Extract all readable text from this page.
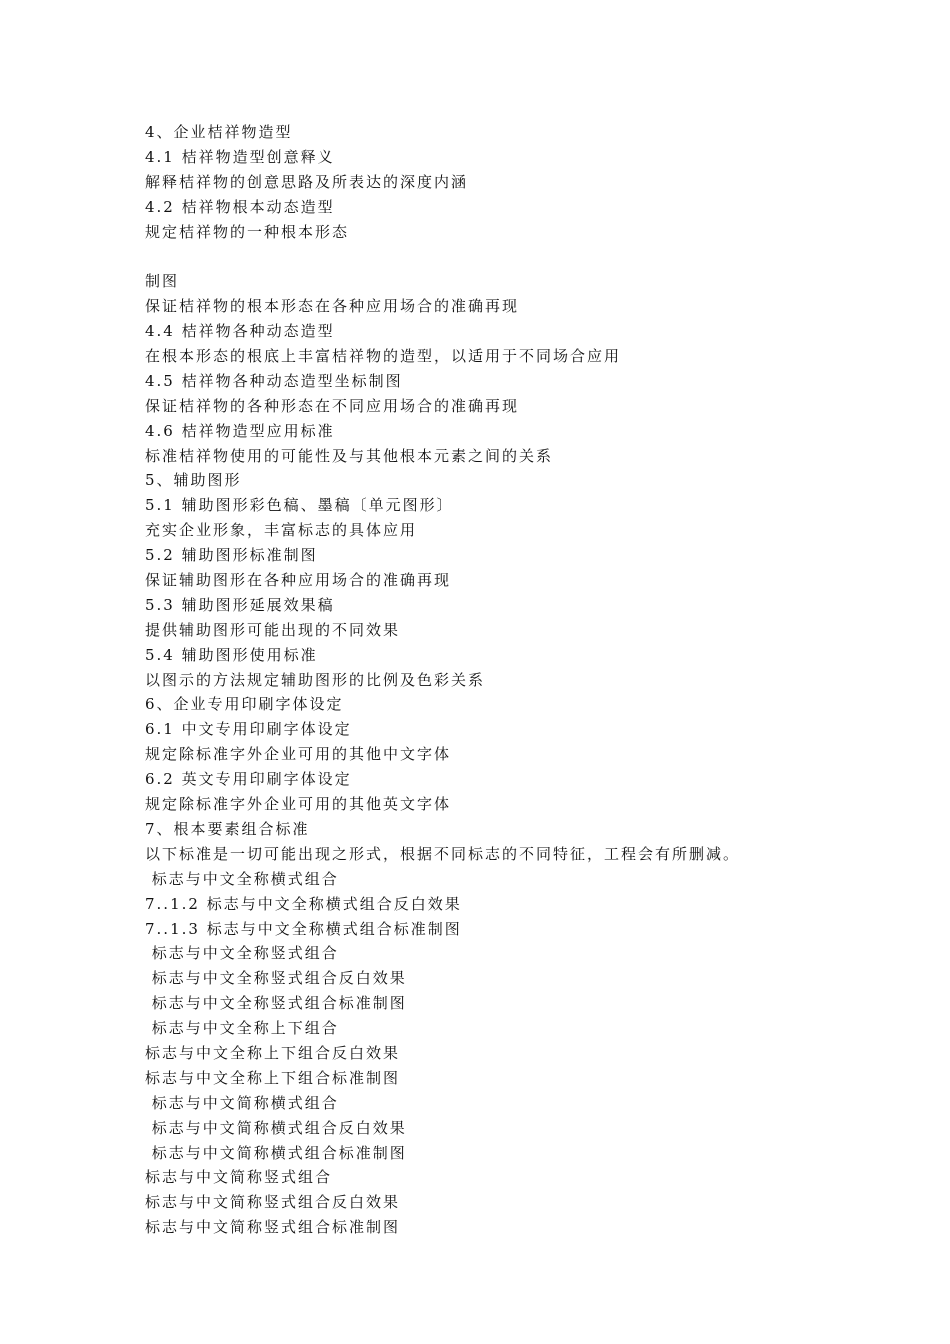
4、企业桔祥物造型
4.1 桔祥物造型创意释义
解释桔祥物的创意思路及所表达的深度内涵
4.2 桔祥物根本动态造型
规定桔祥物的一种根本形态
制图
保证桔祥物的根本形态在各种应用场合的准确再现
4.4 桔祥物各种动态造型
在根本形态的根底上丰富桔祥物的造型，以适用于不同场合应用
4.5 桔祥物各种动态造型坐标制图
保证桔祥物的各种形态在不同应用场合的准确再现
4.6 桔祥物造型应用标准
标准桔祥物使用的可能性及与其他根本元素之间的关系
5、辅助图形
5.1 辅助图形彩色稿、墨稿〔单元图形〕
充实企业形象，丰富标志的具体应用
5.2 辅助图形标准制图
保证辅助图形在各种应用场合的准确再现
5.3 辅助图形延展效果稿
提供辅助图形可能出现的不同效果
5.4 辅助图形使用标准
以图示的方法规定辅助图形的比例及色彩关系
6、企业专用印刷字体设定
6.1 中文专用印刷字体设定
规定除标准字外企业可用的其他中文字体
6.2 英文专用印刷字体设定
规定除标准字外企业可用的其他英文字体
7、根本要素组合标准
以下标准是一切可能出现之形式，根据不同标志的不同特征，工程会有所删减。
标志与中文全称横式组合
7..1.2 标志与中文全称横式组合反白效果
7..1.3 标志与中文全称横式组合标准制图
标志与中文全称竖式组合
标志与中文全称竖式组合反白效果
标志与中文全称竖式组合标准制图
标志与中文全称上下组合
标志与中文全称上下组合反白效果
标志与中文全称上下组合标准制图
标志与中文简称横式组合
标志与中文简称横式组合反白效果
标志与中文简称横式组合标准制图
标志与中文简称竖式组合
标志与中文简称竖式组合反白效果
标志与中文简称竖式组合标准制图
